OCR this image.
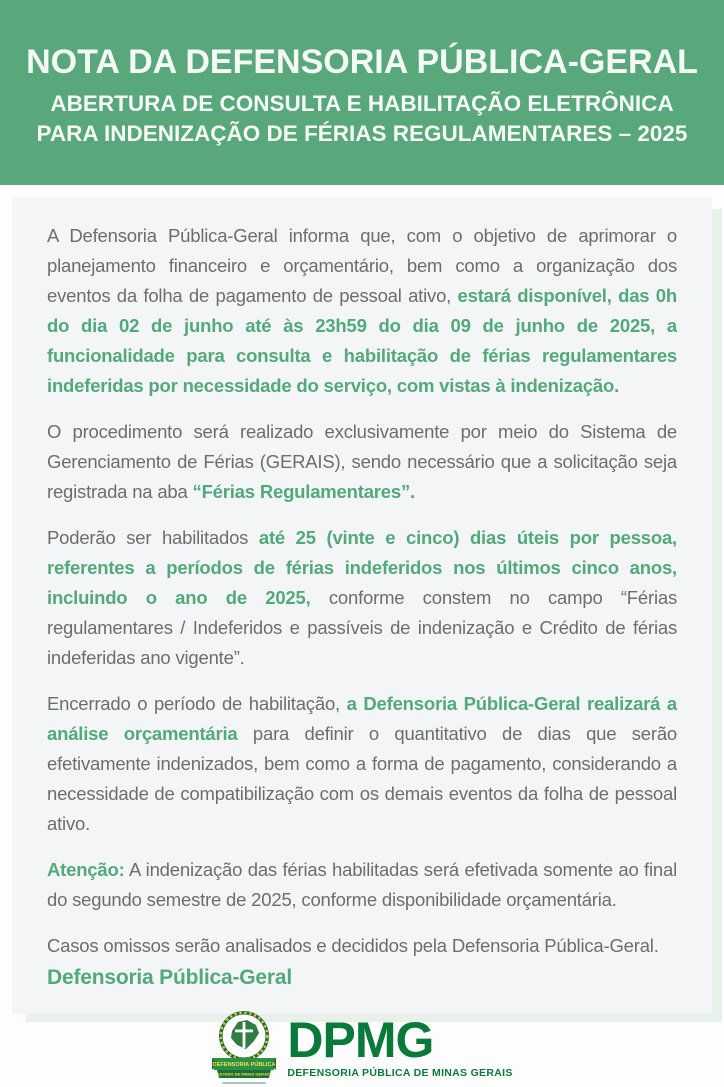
NOTA DA DEFENSORIA PÚBLICA-GERAL
ABERTURA DE CONSULTA E HABILITAÇÃO ELETRÔNICA PARA INDENIZAÇÃO DE FÉRIAS REGULAMENTARES – 2025

A Defensoria Pública-Geral informa que, com o objetivo de aprimorar o planejamento financeiro e orçamentário, bem como a organização dos eventos da folha de pagamento de pessoal ativo, estará disponível, das 0h do dia 02 de junho até às 23h59 do dia 09 de junho de 2025, a funcionalidade para consulta e habilitação de férias regulamentares indeferidas por necessidade do serviço, com vistas à indenização.

O procedimento será realizado exclusivamente por meio do Sistema de Gerenciamento de Férias (GERAIS), sendo necessário que a solicitação seja registrada na aba “Férias Regulamentares”.

Poderão ser habilitados até 25 (vinte e cinco) dias úteis por pessoa, referentes a períodos de férias indeferidos nos últimos cinco anos, incluindo o ano de 2025, conforme constem no campo “Férias regulamentares / Indeferidos e passíveis de indenização e Crédito de férias indeferidas ano vigente”.

Encerrado o período de habilitação, a Defensoria Pública-Geral realizará a análise orçamentária para definir o quantitativo de dias que serão efetivamente indenizados, bem como a forma de pagamento, considerando a necessidade de compatibilização com os demais eventos da folha de pessoal ativo.

Atenção: A indenização das férias habilitadas será efetivada somente ao final do segundo semestre de 2025, conforme disponibilidade orçamentária.

Casos omissos serão analisados e decididos pela Defensoria Pública-Geral.

Defensoria Pública-Geral

DEFENSORIA PÚBLICA
ESTADO DE MINAS GERAIS
DPMG
DEFENSORIA PÚBLICA DE MINAS GERAIS
